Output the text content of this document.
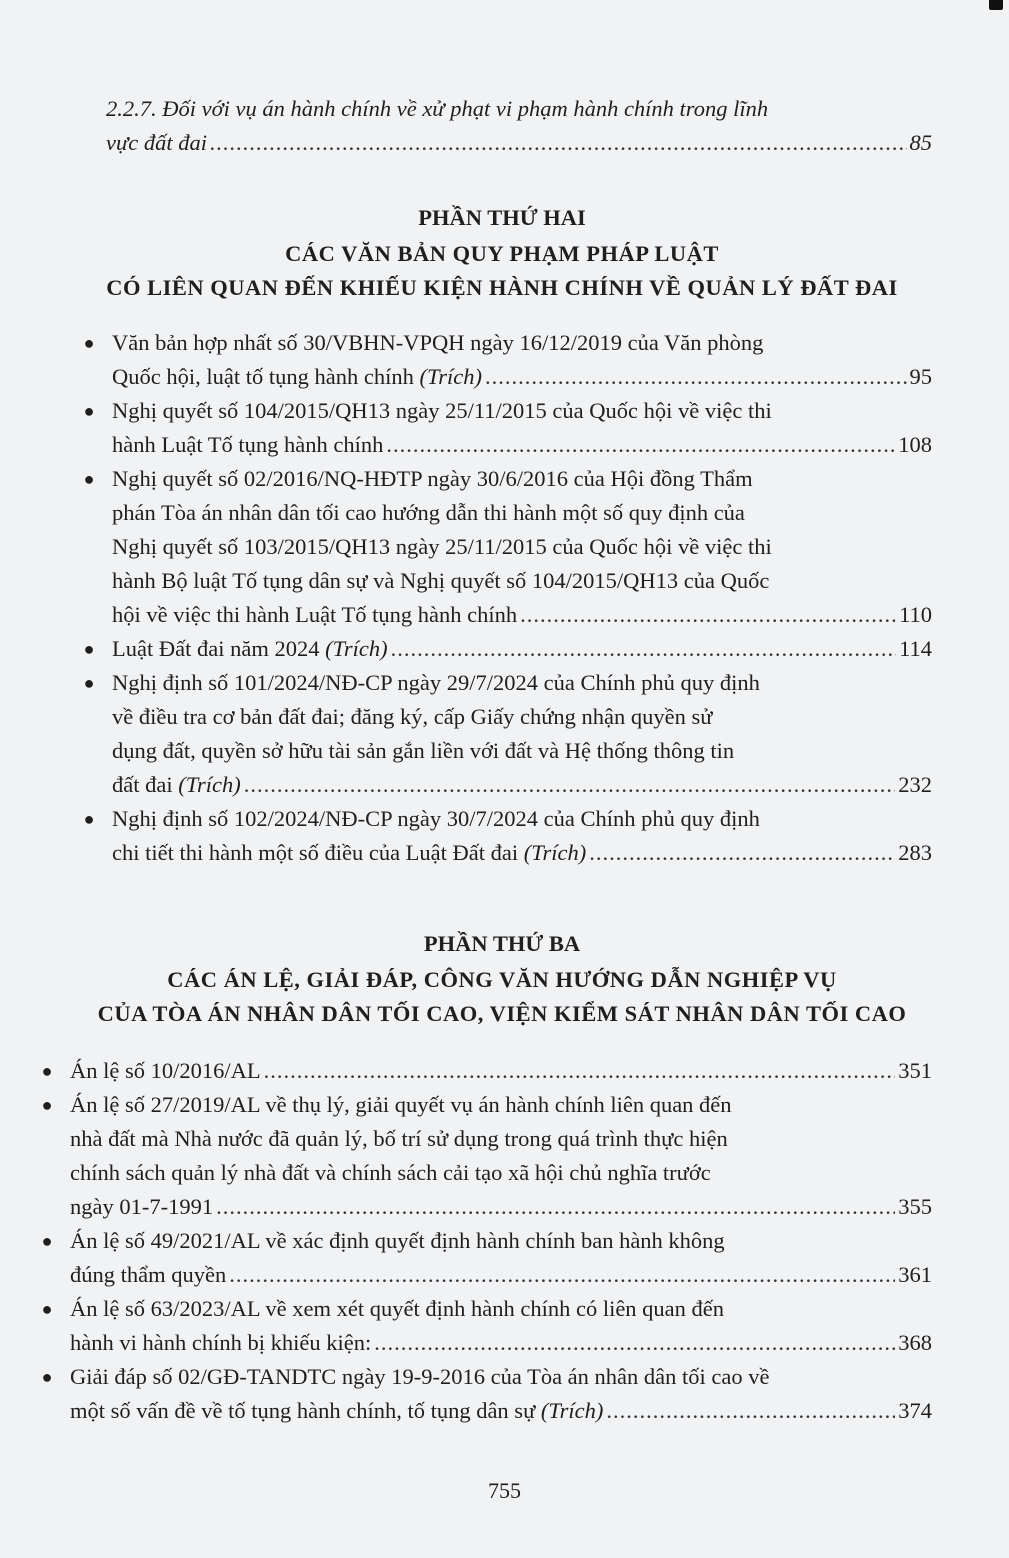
2.2.7. Đối với vụ án hành chính về xử phạt vi phạm hành chính trong lĩnh
vực đất đai .....	85
PHẦN THỨ HAI
CÁC VĂN BẢN QUY PHẠM PHÁP LUẬT
CÓ LIÊN QUAN ĐẾN KHIẾU KIỆN HÀNH CHÍNH VỀ QUẢN LÝ ĐẤT ĐAI
● Văn bản hợp nhất số 30/VBHN-VPQH ngày 16/12/2019 của Văn phòng
Quốc hội, luật tố tụng hành chính (Trích) .....	95
● Nghị quyết số 104/2015/QH13 ngày 25/11/2015 của Quốc hội về việc thi
hành Luật Tố tụng hành chính .....	108
● Nghị quyết số 02/2016/NQ-HĐTP ngày 30/6/2016 của Hội đồng Thẩm
phán Tòa án nhân dân tối cao hướng dẫn thi hành một số quy định của
Nghị quyết số 103/2015/QH13 ngày 25/11/2015 của Quốc hội về việc thi
hành Bộ luật Tố tụng dân sự và Nghị quyết số 104/2015/QH13 của Quốc
hội về việc thi hành Luật Tố tụng hành chính .....	110
● Luật Đất đai năm 2024 (Trích) .....	114
● Nghị định số 101/2024/NĐ-CP ngày 29/7/2024 của Chính phủ quy định
về điều tra cơ bản đất đai; đăng ký, cấp Giấy chứng nhận quyền sử
dụng đất, quyền sở hữu tài sản gắn liền với đất và Hệ thống thông tin
đất đai (Trích) .....	232
● Nghị định số 102/2024/NĐ-CP ngày 30/7/2024 của Chính phủ quy định
chi tiết thi hành một số điều của Luật Đất đai (Trích) .....	283
PHẦN THỨ BA
CÁC ÁN LỆ, GIẢI ĐÁP, CÔNG VĂN HƯỚNG DẪN NGHIỆP VỤ
CỦA TÒA ÁN NHÂN DÂN TỐI CAO, VIỆN KIỂM SÁT NHÂN DÂN TỐI CAO
● Án lệ số 10/2016/AL .....	351
● Án lệ số 27/2019/AL về thụ lý, giải quyết vụ án hành chính liên quan đến
nhà đất mà Nhà nước đã quản lý, bố trí sử dụng trong quá trình thực hiện
chính sách quản lý nhà đất và chính sách cải tạo xã hội chủ nghĩa trước
ngày 01-7-1991 .....	355
● Án lệ số 49/2021/AL về xác định quyết định hành chính ban hành không
đúng thẩm quyền .....	361
● Án lệ số 63/2023/AL về xem xét quyết định hành chính có liên quan đến
hành vi hành chính bị khiếu kiện: .....	368
● Giải đáp số 02/GĐ-TANDTC ngày 19-9-2016 của Tòa án nhân dân tối cao về
một số vấn đề về tố tụng hành chính, tố tụng dân sự (Trích) .....	374
755
